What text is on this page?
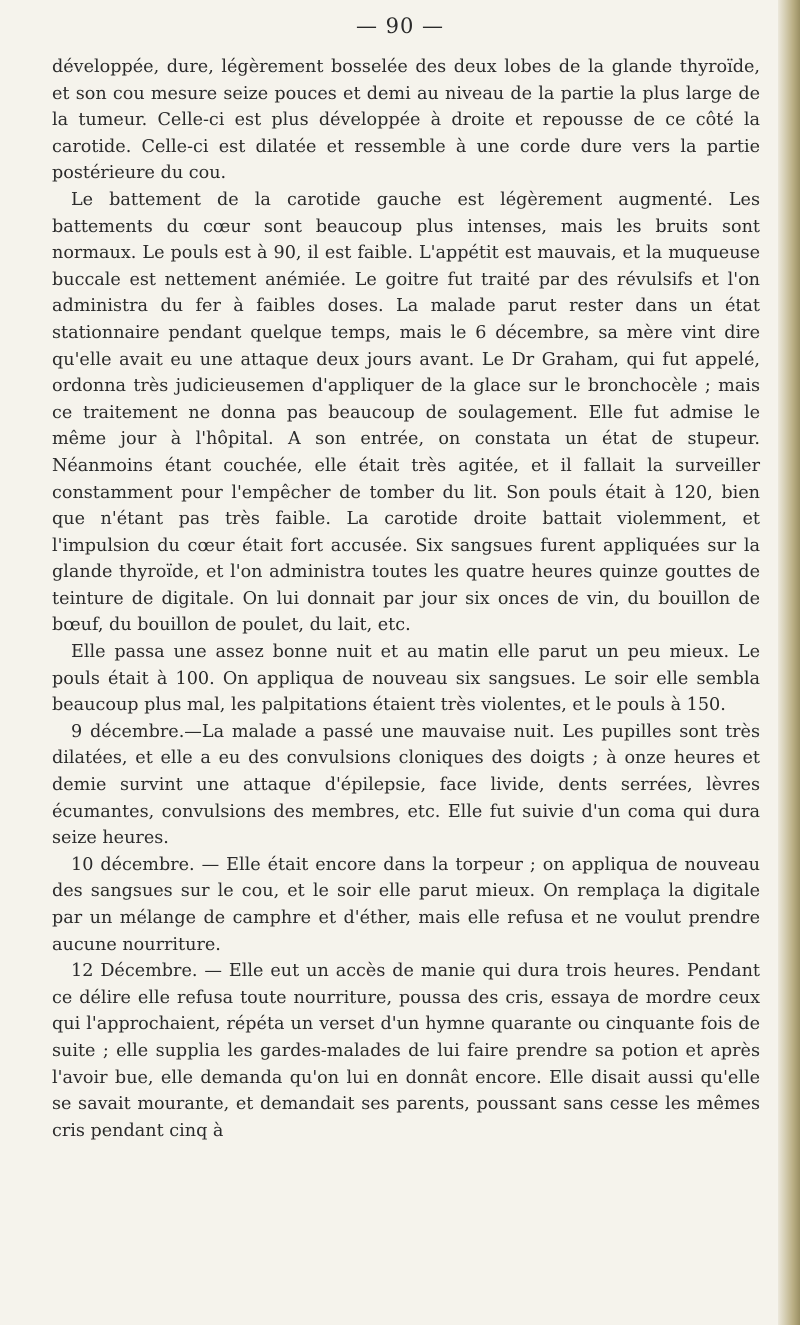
— 90 —

développée, dure, légèrement bosselée des deux lobes de la glande thyroïde, et son cou mesure seize pouces et demi au niveau de la partie la plus large de la tumeur. Celle-ci est plus développée à droite et repousse de ce côté la carotide. Celle-ci est dilatée et ressemble à une corde dure vers la partie postérieure du cou.

Le battement de la carotide gauche est légèrement augmenté. Les battements du cœur sont beaucoup plus intenses, mais les bruits sont normaux. Le pouls est à 90, il est faible. L'appétit est mauvais, et la muqueuse buccale est nettement anémiée. Le goitre fut traité par des révulsifs et l'on administra du fer à faibles doses. La malade parut rester dans un état stationnaire pendant quelque temps, mais le 6 décembre, sa mère vint dire qu'elle avait eu une attaque deux jours avant. Le Dr Graham, qui fut appelé, ordonna très judicieusemen d'appliquer de la glace sur le bronchocèle ; mais ce traitement ne donna pas beaucoup de soulagement. Elle fut admise le même jour à l'hôpital. A son entrée, on constata un état de stupeur. Néanmoins étant couchée, elle était très agitée, et il fallait la surveiller constamment pour l'empêcher de tomber du lit. Son pouls était à 120, bien que n'étant pas très faible. La carotide droite battait violemment, et l'impulsion du cœur était fort accusée. Six sangsues furent appliquées sur la glande thyroïde, et l'on administra toutes les quatre heures quinze gouttes de teinture de digitale. On lui donnait par jour six onces de vin, du bouillon de bœuf, du bouillon de poulet, du lait, etc.

Elle passa une assez bonne nuit et au matin elle parut un peu mieux. Le pouls était à 100. On appliqua de nouveau six sangsues. Le soir elle sembla beaucoup plus mal, les palpitations étaient très violentes, et le pouls à 150.

9 décembre.—La malade a passé une mauvaise nuit. Les pupilles sont très dilatées, et elle a eu des convulsions cloniques des doigts ; à onze heures et demie survint une attaque d'épilepsie, face livide, dents serrées, lèvres écumantes, convulsions des membres, etc. Elle fut suivie d'un coma qui dura seize heures.

10 décembre. — Elle était encore dans la torpeur ; on appliqua de nouveau des sangsues sur le cou, et le soir elle parut mieux. On remplaça la digitale par un mélange de camphre et d'éther, mais elle refusa et ne voulut prendre aucune nourriture.

12 Décembre. — Elle eut un accès de manie qui dura trois heures. Pendant ce délire elle refusa toute nourriture, poussa des cris, essaya de mordre ceux qui l'approchaient, répéta un verset d'un hymne quarante ou cinquante fois de suite ; elle supplia les gardes-malades de lui faire prendre sa potion et après l'avoir bue, elle demanda qu'on lui en donnât encore. Elle disait aussi qu'elle se savait mourante, et demandait ses parents, poussant sans cesse les mêmes cris pendant cinq à
